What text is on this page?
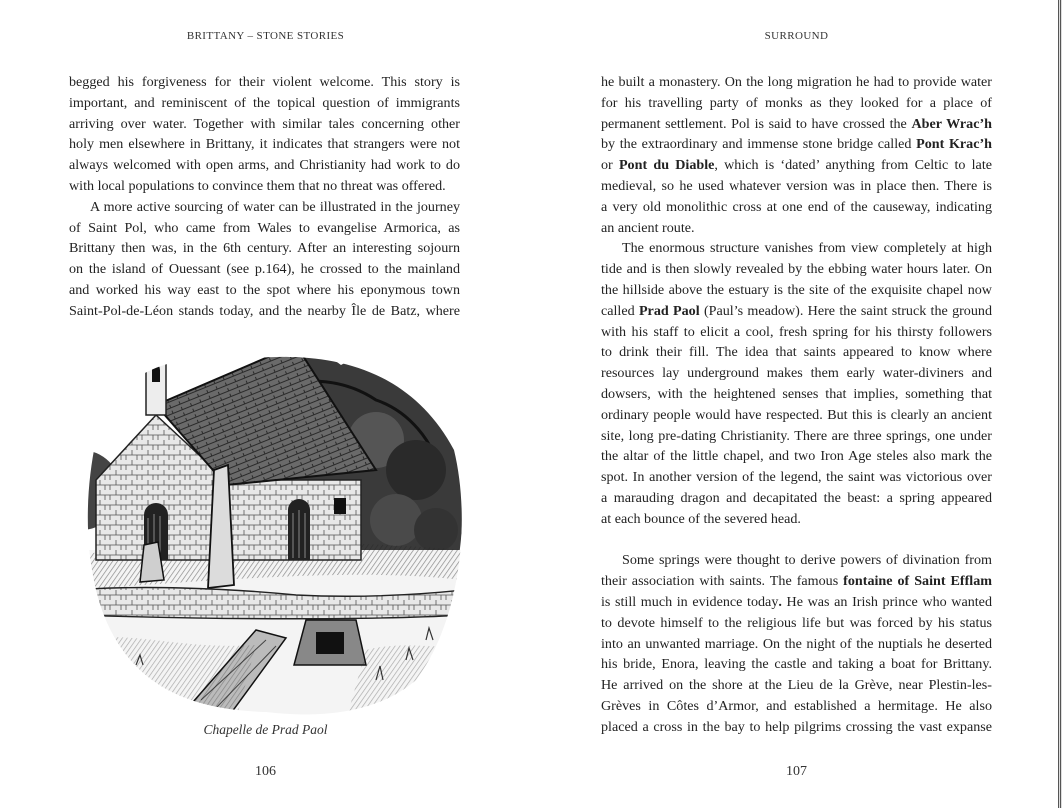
BRITTANY – STONE STORIES
begged his forgiveness for their violent welcome. This story is
important, and reminiscent of the topical question of immigrants
arriving over water. Together with similar tales concerning other
holy men elsewhere in Brittany, it indicates that strangers were not
always welcomed with open arms, and Christianity had work to do
with local populations to convince them that no threat was offered.
A more active sourcing of water can be illustrated in the journey
of Saint Pol, who came from Wales to evangelise Armorica, as
Brittany then was, in the 6th century. After an interesting sojourn
on the island of Ouessant (see p.164), he crossed to the mainland
and worked his way east to the spot where his eponymous town
Saint-Pol-de-Léon stands today, and the nearby Île de Batz, where
Chapelle de Prad Paol
106
SURROUND
he built a monastery. On the long migration he had to provide water
for his travelling party of monks as they looked for a place of
permanent settlement. Pol is said to have crossed the Aber Wrac’h
by the extraordinary and immense stone bridge called Pont Krac’h
or Pont du Diable, which is ‘dated’ anything from Celtic to late
medieval, so he used whatever version was in place then. There is
a very old monolithic cross at one end of the causeway, indicating
an ancient route.
The enormous structure vanishes from view completely at high
tide and is then slowly revealed by the ebbing water hours later. On
the hillside above the estuary is the site of the exquisite chapel now
called Prad Paol (Paul’s meadow). Here the saint struck the ground
with his staff to elicit a cool, fresh spring for his thirsty followers
to drink their fill. The idea that saints appeared to know where
resources lay underground makes them early water-diviners and
dowsers, with the heightened senses that implies, something that
ordinary people would have respected. But this is clearly an ancient
site, long pre-dating Christianity. There are three springs, one under
the altar of the little chapel, and two Iron Age steles also mark the
spot. In another version of the legend, the saint was victorious over
a marauding dragon and decapitated the beast: a spring appeared
at each bounce of the severed head.
Some springs were thought to derive powers of divination from
their association with saints. The famous fontaine of Saint Efflam
is still much in evidence today. He was an Irish prince who wanted
to devote himself to the religious life but was forced by his status
into an unwanted marriage. On the night of the nuptials he deserted
his bride, Enora, leaving the castle and taking a boat for Brittany.
He arrived on the shore at the Lieu de la Grève, near Plestin-les-
Grèves in Côtes d’Armor, and established a hermitage. He also
placed a cross in the bay to help pilgrims crossing the vast expanse
107
